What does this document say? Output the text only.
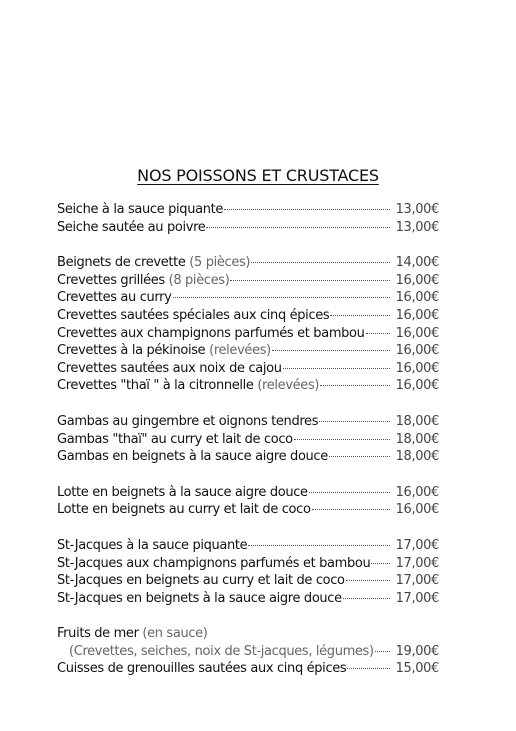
NOS POISSONS ET CRUSTACES
Seiche à la sauce piquante	13,00€
Seiche sautée au poivre	13,00€
Beignets de crevette (5 pièces)	14,00€
Crevettes grillées (8 pièces)	16,00€
Crevettes au curry	16,00€
Crevettes sautées spéciales aux cinq épices	16,00€
Crevettes aux champignons parfumés et bambou 16,00€
Crevettes à la pékinoise (relevées)	16,00€
Crevettes sautées aux noix de cajou	16,00€
Crevettes "thaï " à la citronnelle (relevées)	16,00€
Gambas au gingembre et oignons tendres	18,00€
Gambas "thaï" au curry et lait de coco	18,00€
Gambas en beignets à la sauce aigre douce	18,00€
Lotte en beignets à la sauce aigre douce	16,00€
Lotte en beignets au curry et lait de coco	16,00€
St-Jacques à la sauce piquante	17,00€
St-Jacques aux champignons parfumés et bambou 17,00€
St-Jacques en beignets au curry et lait de coco	17,00€
St-Jacques en beignets à la sauce aigre douce	17,00€
Fruits de mer (en sauce)
(Crevettes, seiches, noix de St-jacques, légumes) 19,00€
Cuisses de grenouilles sautées aux cinq épices	15,00€
